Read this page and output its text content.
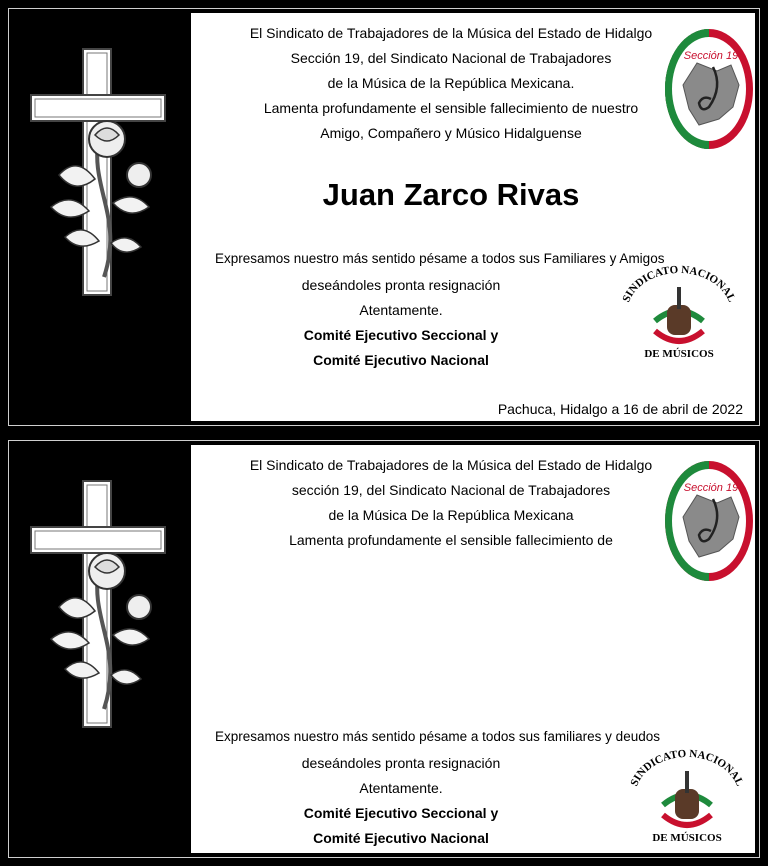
El Sindicato de Trabajadores de la Música del Estado de Hidalgo
Sección 19, del Sindicato Nacional de Trabajadores
de la Música de la República Mexicana.
Lamenta profundamente el sensible fallecimiento de nuestro
Amigo, Compañero y Músico Hidalguense
Juan Zarco Rivas
Expresamos nuestro más sentido pésame a todos sus Familiares y Amigos
deseándoles pronta resignación
Atentamente.
Comité Ejecutivo Seccional y
Comité Ejecutivo Nacional
Pachuca, Hidalgo a 16 de abril de 2022
Sección 19
SINDICATO NACIONAL
DE MÚSICOS
El Sindicato de Trabajadores de la Música del Estado de Hidalgo
sección 19, del Sindicato Nacional de Trabajadores
de la Música De la República Mexicana
Lamenta profundamente el sensible fallecimiento de
Expresamos nuestro más sentido pésame a todos sus familiares y deudos
deseándoles pronta resignación
Atentamente.
Comité Ejecutivo Seccional y
Comité Ejecutivo Nacional
Sección 19
SINDICATO NACIONAL
DE MÚSICOS
